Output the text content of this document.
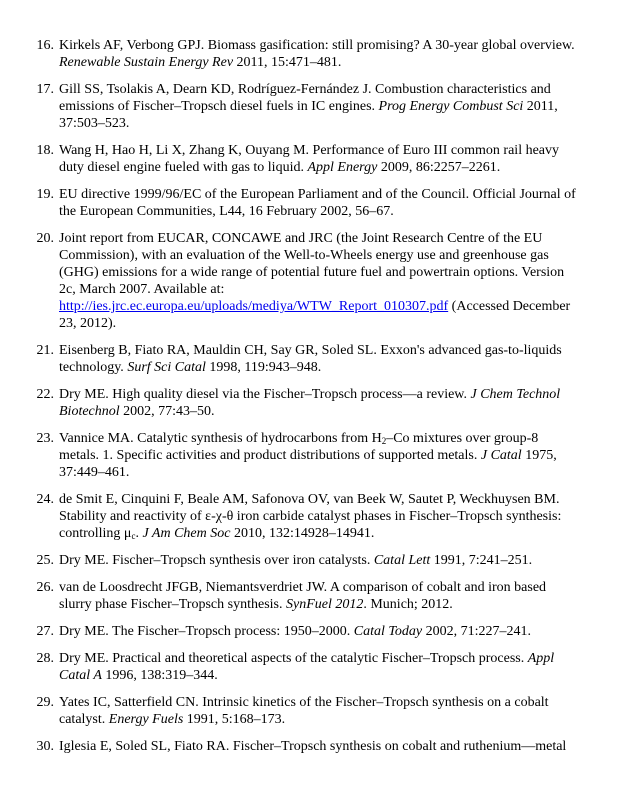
16. Kirkels AF, Verbong GPJ. Biomass gasification: still promising? A 30-year global overview. Renewable Sustain Energy Rev 2011, 15:471–481.
17. Gill SS, Tsolakis A, Dearn KD, Rodríguez-Fernández J. Combustion characteristics and emissions of Fischer–Tropsch diesel fuels in IC engines. Prog Energy Combust Sci 2011, 37:503–523.
18. Wang H, Hao H, Li X, Zhang K, Ouyang M. Performance of Euro III common rail heavy duty diesel engine fueled with gas to liquid. Appl Energy 2009, 86:2257–2261.
19. EU directive 1999/96/EC of the European Parliament and of the Council. Official Journal of the European Communities, L44, 16 February 2002, 56–67.
20. Joint report from EUCAR, CONCAWE and JRC (the Joint Research Centre of the EU Commission), with an evaluation of the Well-to-Wheels energy use and greenhouse gas (GHG) emissions for a wide range of potential future fuel and powertrain options. Version 2c, March 2007. Available at: http://ies.jrc.ec.europa.eu/uploads/mediya/WTW_Report_010307.pdf (Accessed December 23, 2012).
21. Eisenberg B, Fiato RA, Mauldin CH, Say GR, Soled SL. Exxon's advanced gas-to-liquids technology. Surf Sci Catal 1998, 119:943–948.
22. Dry ME. High quality diesel via the Fischer–Tropsch process—a review. J Chem Technol Biotechnol 2002, 77:43–50.
23. Vannice MA. Catalytic synthesis of hydrocarbons from $H_2-Co$ mixtures over group-8 metals. 1. Specific activities and product distributions of supported metals. J Catal 1975, 37:449–461.
24. de Smit E, Cinquini F, Beale AM, Safonova OV, van Beek W, Sautet P, Weckhuysen BM. Stability and reactivity of ε-χ-θ iron carbide catalyst phases in Fischer–Tropsch synthesis: controlling $\mu_c$. J Am Chem Soc 2010, 132:14928–14941.
25. Dry ME. Fischer–Tropsch synthesis over iron catalysts. Catal Lett 1991, 7:241–251.
26. van de Loosdrecht JFGB, Niemantsverdriet JW. A comparison of cobalt and iron based slurry phase Fischer–Tropsch synthesis. SynFuel 2012. Munich; 2012.
27. Dry ME. The Fischer–Tropsch process: 1950–2000. Catal Today 2002, 71:227–241.
28. Dry ME. Practical and theoretical aspects of the catalytic Fischer–Tropsch process. Appl Catal A 1996, 138:319–344.
29. Yates IC, Satterfield CN. Intrinsic kinetics of the Fischer–Tropsch synthesis on a cobalt catalyst. Energy Fuels 1991, 5:168–173.
30. Iglesia E, Soled SL, Fiato RA. Fischer–Tropsch synthesis on cobalt and ruthenium—metal
